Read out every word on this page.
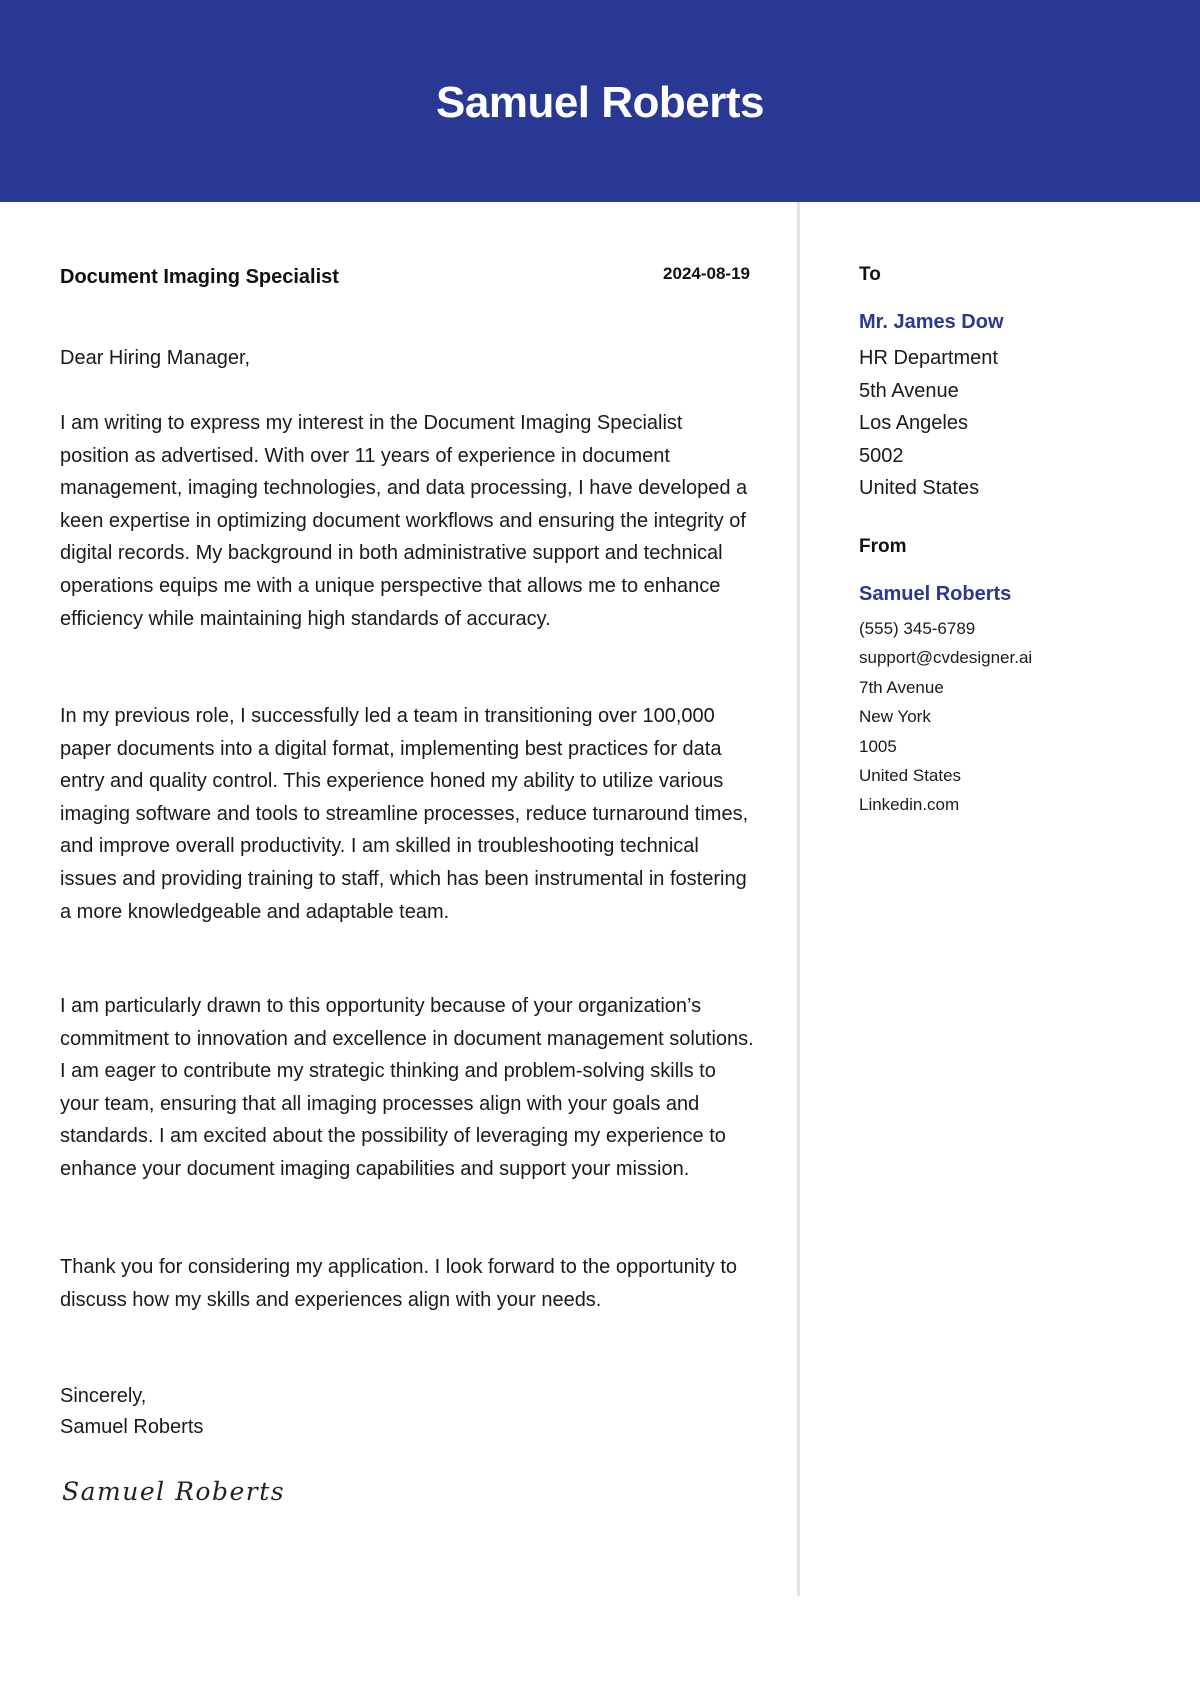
Samuel Roberts
Document Imaging Specialist	2024-08-19
Dear Hiring Manager,
I am writing to express my interest in the Document Imaging Specialist position as advertised. With over 11 years of experience in document management, imaging technologies, and data processing, I have developed a keen expertise in optimizing document workflows and ensuring the integrity of digital records. My background in both administrative support and technical operations equips me with a unique perspective that allows me to enhance efficiency while maintaining high standards of accuracy.
In my previous role, I successfully led a team in transitioning over 100,000 paper documents into a digital format, implementing best practices for data entry and quality control. This experience honed my ability to utilize various imaging software and tools to streamline processes, reduce turnaround times, and improve overall productivity. I am skilled in troubleshooting technical issues and providing training to staff, which has been instrumental in fostering a more knowledgeable and adaptable team.
I am particularly drawn to this opportunity because of your organization’s commitment to innovation and excellence in document management solutions. I am eager to contribute my strategic thinking and problem-solving skills to your team, ensuring that all imaging processes align with your goals and standards. I am excited about the possibility of leveraging my experience to enhance your document imaging capabilities and support your mission.
Thank you for considering my application. I look forward to the opportunity to discuss how my skills and experiences align with your needs.
Sincerely,
Samuel Roberts
Samuel Roberts
To
Mr. James Dow
HR Department
5th Avenue
Los Angeles
5002
United States
From
Samuel Roberts
(555) 345-6789
support@cvdesigner.ai
7th Avenue
New York
1005
United States
Linkedin.com
